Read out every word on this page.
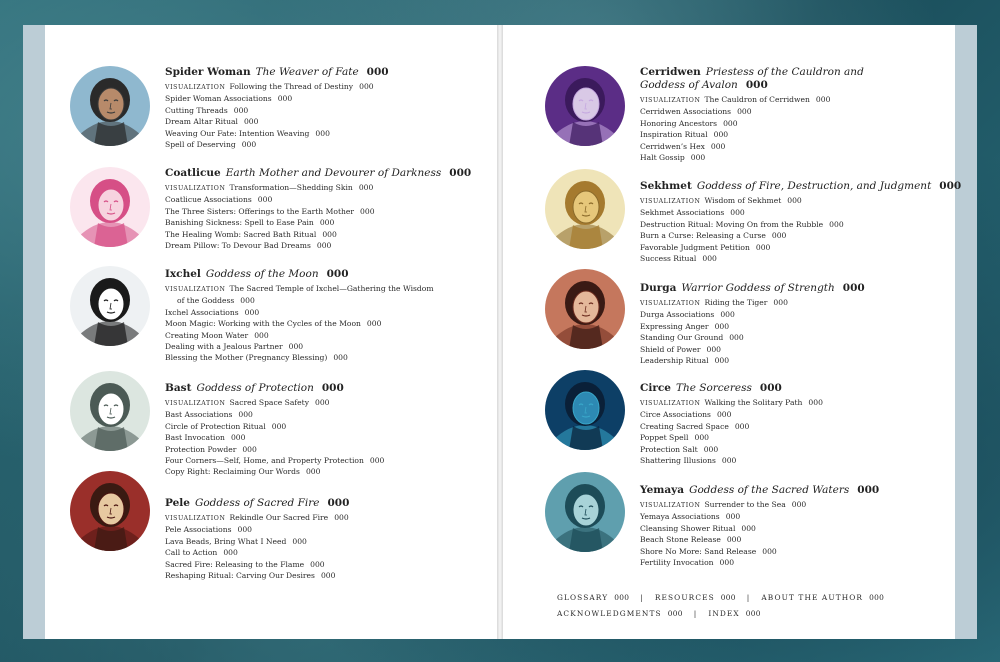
Spider Woman The Weaver of Fate 000
VISUALIZATION Following the Thread of Destiny 000
Spider Woman Associations 000
Cutting Threads 000
Dream Altar Ritual 000
Weaving Our Fate: Intention Weaving 000
Spell of Deserving 000
Coatlicue Earth Mother and Devourer of Darkness 000
VISUALIZATION Transformation—Shedding Skin 000
Coatlicue Associations 000
The Three Sisters: Offerings to the Earth Mother 000
Banishing Sickness: Spell to Ease Pain 000
The Healing Womb: Sacred Bath Ritual 000
Dream Pillow: To Devour Bad Dreams 000
Ixchel Goddess of the Moon 000
VISUALIZATION The Sacred Temple of Ixchel—Gathering the Wisdom
of the Goddess 000
Ixchel Associations 000
Moon Magic: Working with the Cycles of the Moon 000
Creating Moon Water 000
Dealing with a Jealous Partner 000
Blessing the Mother (Pregnancy Blessing) 000
Bast Goddess of Protection 000
VISUALIZATION Sacred Space Safety 000
Bast Associations 000
Circle of Protection Ritual 000
Bast Invocation 000
Protection Powder 000
Four Corners—Self, Home, and Property Protection 000
Copy Right: Reclaiming Our Words 000
Pele Goddess of Sacred Fire 000
VISUALIZATION Rekindle Our Sacred Fire 000
Pele Associations 000
Lava Beads, Bring What I Need 000
Call to Action 000
Sacred Fire: Releasing to the Flame 000
Reshaping Ritual: Carving Our Desires 000
Cerridwen Priestess of the Cauldron and Goddess of Avalon 000
VISUALIZATION The Cauldron of Cerridwen 000
Cerridwen Associations 000
Honoring Ancestors 000
Inspiration Ritual 000
Cerridwen’s Hex 000
Halt Gossip 000
Sekhmet Goddess of Fire, Destruction, and Judgment 000
VISUALIZATION Wisdom of Sekhmet 000
Sekhmet Associations 000
Destruction Ritual: Moving On from the Rubble 000
Burn a Curse: Releasing a Curse 000
Favorable Judgment Petition 000
Success Ritual 000
Durga Warrior Goddess of Strength 000
VISUALIZATION Riding the Tiger 000
Durga Associations 000
Expressing Anger 000
Standing Our Ground 000
Shield of Power 000
Leadership Ritual 000
Circe The Sorceress 000
VISUALIZATION Walking the Solitary Path 000
Circe Associations 000
Creating Sacred Space 000
Poppet Spell 000
Protection Salt 000
Shattering Illusions 000
Yemaya Goddess of the Sacred Waters 000
VISUALIZATION Surrender to the Sea 000
Yemaya Associations 000
Cleansing Shower Ritual 000
Beach Stone Release 000
Shore No More: Sand Release 000
Fertility Invocation 000
GLOSSARY 000 | RESOURCES 000 | ABOUT THE AUTHOR 000
ACKNOWLEDGMENTS 000 | INDEX 000
